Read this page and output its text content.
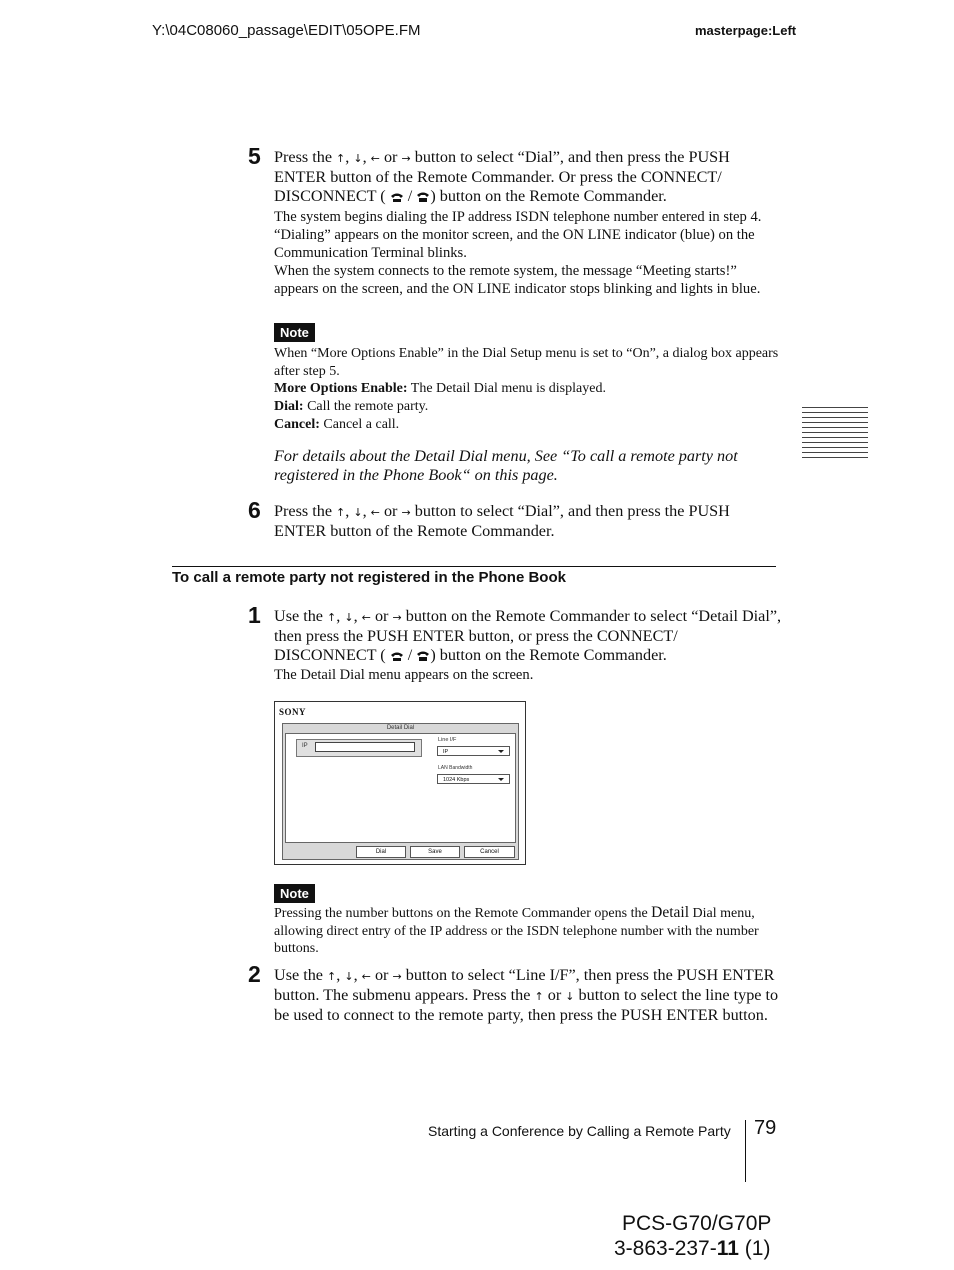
Y:\04C08060_passage\EDIT\05OPE.FM	masterpage:Left
5 Press the ↑, ↓, ← or → button to select “Dial”, and then press the PUSH ENTER button of the Remote Commander. Or press the CONNECT/ DISCONNECT ( / ) button on the Remote Commander.
The system begins dialing the IP address ISDN telephone number entered in step 4. “Dialing” appears on the monitor screen, and the ON LINE indicator (blue) on the Communication Terminal blinks.
When the system connects to the remote system, the message “Meeting starts!” appears on the screen, and the ON LINE indicator stops blinking and lights in blue.
Note
When “More Options Enable” in the Dial Setup menu is set to “On”, a dialog box appears after step 5.
More Options Enable: The Detail Dial menu is displayed.
Dial: Call the remote party.
Cancel: Cancel a call.
For details about the Detail Dial menu, See “To call a remote party not registered in the Phone Book“ on this page.
6 Press the ↑, ↓, ← or → button to select “Dial”, and then press the PUSH ENTER button of the Remote Commander.
To call a remote party not registered in the Phone Book
1 Use the ↑, ↓, ← or → button on the Remote Commander to select “Detail Dial”, then press the PUSH ENTER button, or press the CONNECT/ DISCONNECT ( / ) button on the Remote Commander.
The Detail Dial menu appears on the screen.
SONY
Detail Dial
IP
Line I/F
IP
LAN Bandwidth
1024 Kbps
Dial	Save	Cancel
Note
Pressing the number buttons on the Remote Commander opens the Detail Dial menu, allowing direct entry of the IP address or the ISDN telephone number with the number buttons.
2 Use the ↑, ↓, ← or → button to select “Line I/F”, then press the PUSH ENTER button. The submenu appears. Press the ↑ or ↓ button to select the line type to be used to connect to the remote party, then press the PUSH ENTER button.
Starting a Conference by Calling a Remote Party 79
PCS-G70/G70P
3-863-237-11 (1)
